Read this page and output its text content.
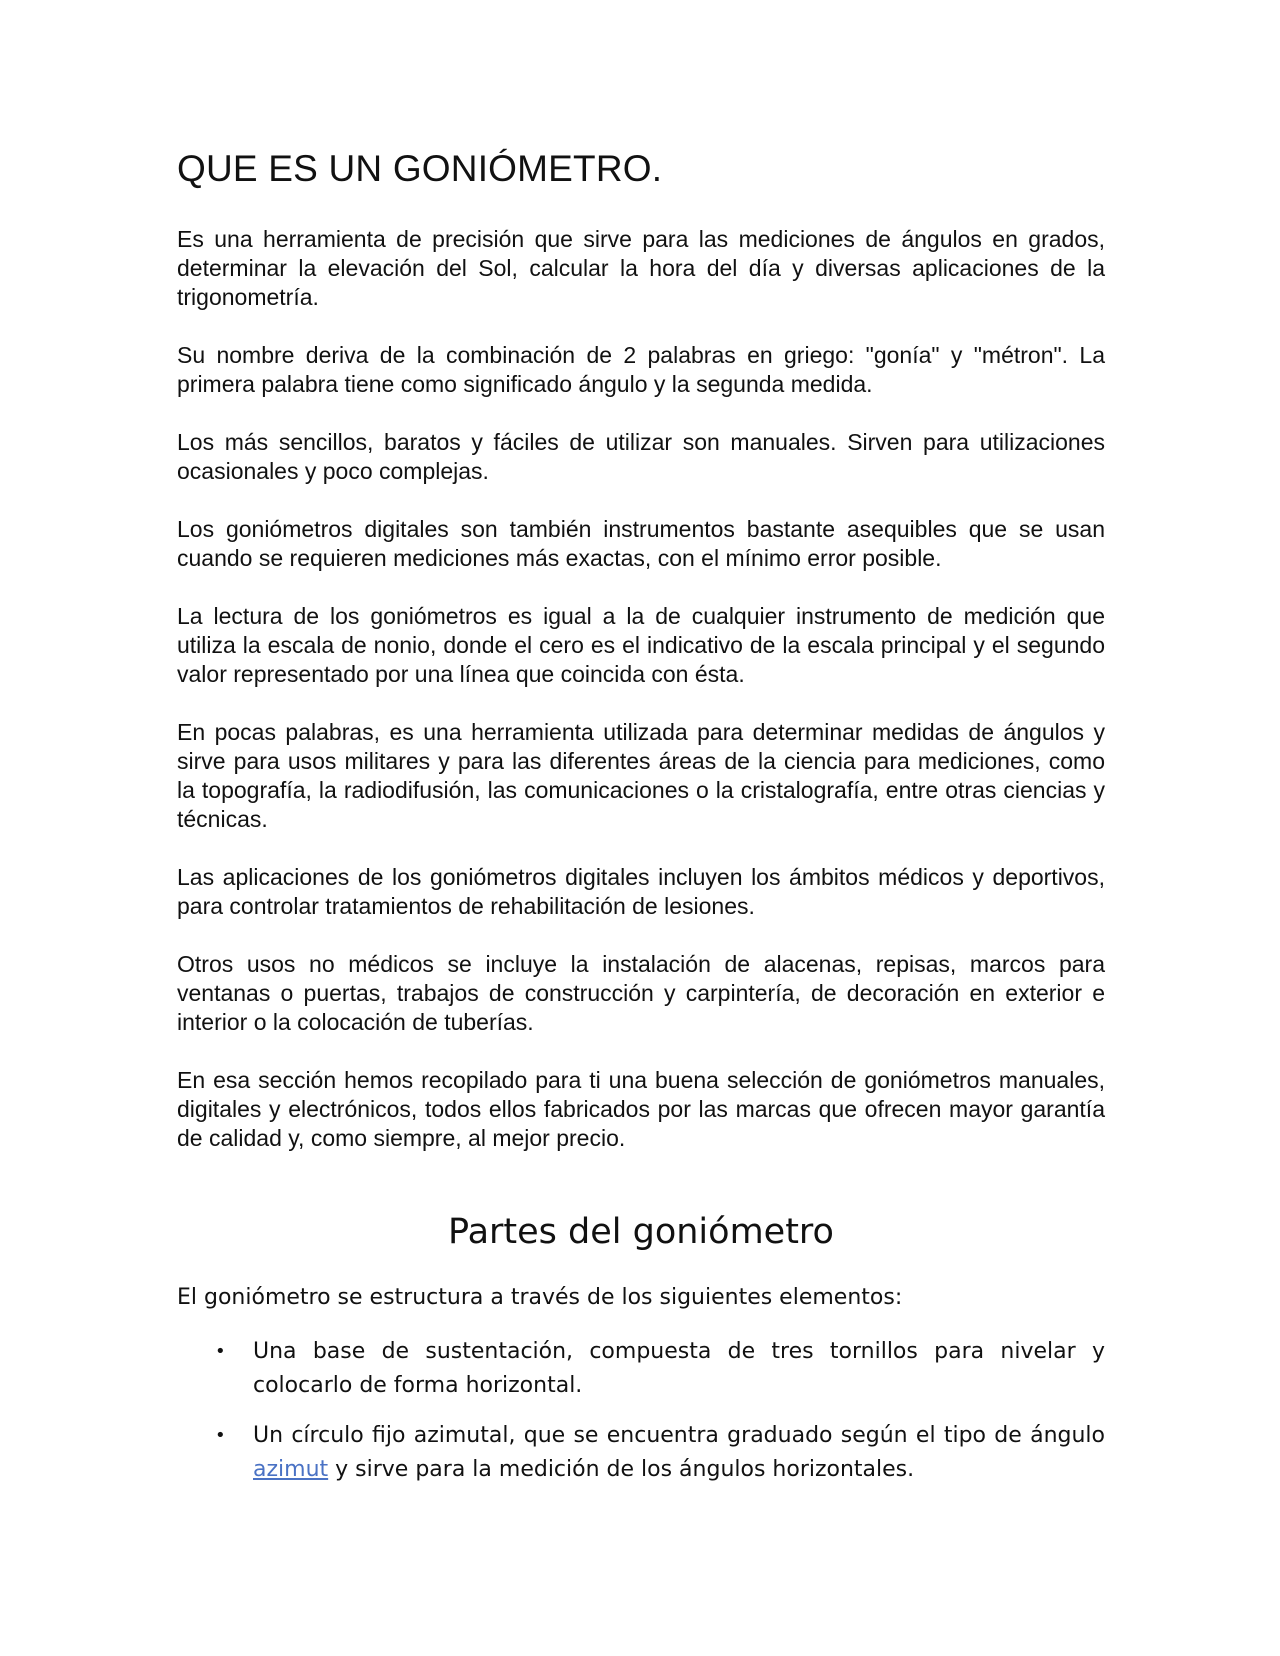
QUE ES UN GONIÓMETRO.

Es una herramienta de precisión que sirve para las mediciones de ángulos en grados, determinar la elevación del Sol, calcular la hora del día y diversas aplicaciones de la trigonometría.

Su nombre deriva de la combinación de 2 palabras en griego: "gonía" y "métron". La primera palabra tiene como significado ángulo y la segunda medida.

Los más sencillos, baratos y fáciles de utilizar son manuales. Sirven para utilizaciones ocasionales y poco complejas.

Los goniómetros digitales son también instrumentos bastante asequibles que se usan cuando se requieren mediciones más exactas, con el mínimo error posible.

La lectura de los goniómetros es igual a la de cualquier instrumento de medición que utiliza la escala de nonio, donde el cero es el indicativo de la escala principal y el segundo valor representado por una línea que coincida con ésta.

En pocas palabras, es una herramienta utilizada para determinar medidas de ángulos y sirve para usos militares y para las diferentes áreas de la ciencia para mediciones, como la topografía, la radiodifusión, las comunicaciones o la cristalografía, entre otras ciencias y técnicas.

Las aplicaciones de los goniómetros digitales incluyen los ámbitos médicos y deportivos, para controlar tratamientos de rehabilitación de lesiones.

Otros usos no médicos se incluye la instalación de alacenas, repisas, marcos para ventanas o puertas, trabajos de construcción y carpintería, de decoración en exterior e interior o la colocación de tuberías.

En esa sección hemos recopilado para ti una buena selección de goniómetros manuales, digitales y electrónicos, todos ellos fabricados por las marcas que ofrecen mayor garantía de calidad y, como siempre, al mejor precio.

Partes del goniómetro

El goniómetro se estructura a través de los siguientes elementos:

• Una base de sustentación, compuesta de tres tornillos para nivelar y colocarlo de forma horizontal.
• Un círculo fijo azimutal, que se encuentra graduado según el tipo de ángulo azimut y sirve para la medición de los ángulos horizontales.
